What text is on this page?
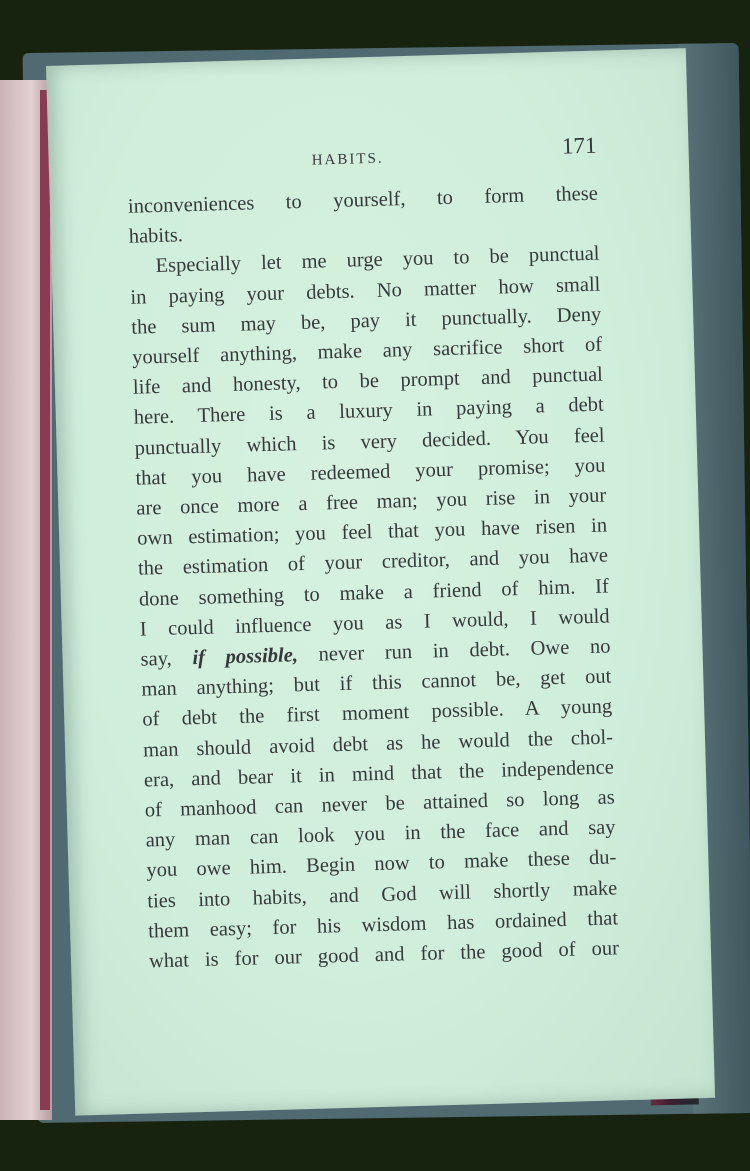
HABITS.
171
inconveniences to yourself, to form these
habits.
Especially let me urge you to be punctual
in paying your debts. No matter how small
the sum may be, pay it punctually. Deny
yourself anything, make any sacrifice short of
life and honesty, to be prompt and punctual
here. There is a luxury in paying a debt
punctually which is very decided. You feel
that you have redeemed your promise; you
are once more a free man; you rise in your
own estimation; you feel that you have risen in
the estimation of your creditor, and you have
done something to make a friend of him. If
I could influence you as I would, I would
say, if possible, never run in debt. Owe no
man anything; but if this cannot be, get out
of debt the first moment possible. A young
man should avoid debt as he would the chol-
era, and bear it in mind that the independence
of manhood can never be attained so long as
any man can look you in the face and say
you owe him. Begin now to make these du-
ties into habits, and God will shortly make
them easy; for his wisdom has ordained that
what is for our good and for the good of our
